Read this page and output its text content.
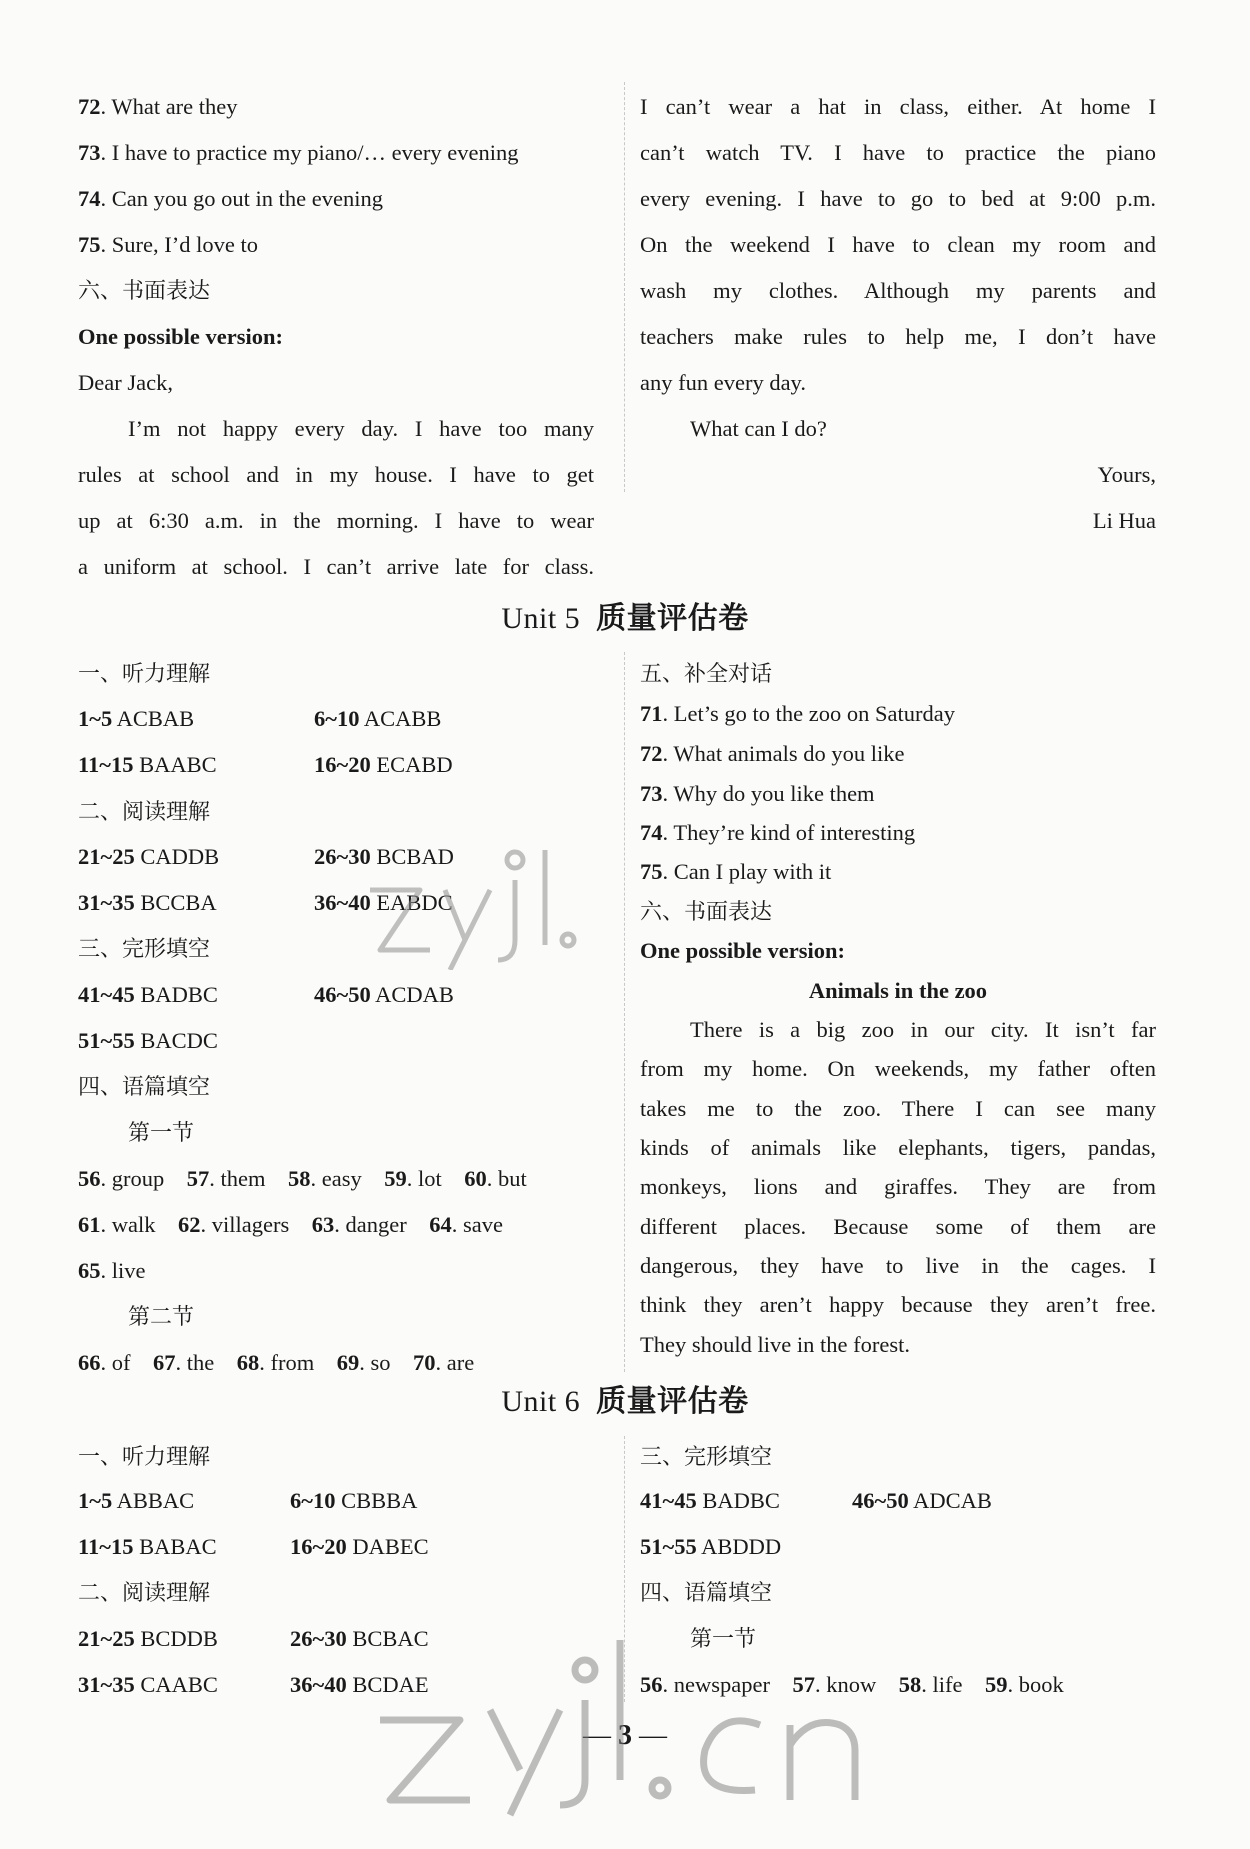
72. What are they
73. I have to practice my piano/… every evening
74. Can you go out in the evening
75. Sure, I’d love to
六、书面表达
One possible version:
Dear Jack,
I’m not happy every day. I have too many
rules at school and in my house. I have to get
up at 6:30 a.m. in the morning. I have to wear
a uniform at school. I can’t arrive late for class.
I can’t wear a hat in class, either. At home I
can’t watch TV. I have to practice the piano
every evening. I have to go to bed at 9:00 p.m.
On the weekend I have to clean my room and
wash my clothes. Although my parents and
teachers make rules to help me, I don’t have
any fun every day.
What can I do?
Yours,
Li Hua
Unit 5 质量评估卷
一、听力理解
1~5 ACBAB	6~10 ACABB
11~15 BAABC	16~20 ECABD
二、阅读理解
21~25 CADDB	26~30 BCBAD
31~35 BCCBA	36~40 EABDC
三、完形填空
41~45 BADBC	46~50 ACDAB
51~55 BACDC
四、语篇填空
第一节
56. group 57. them 58. easy 59. lot 60. but
61. walk 62. villagers 63. danger 64. save
65. live
第二节
66. of 67. the 68. from 69. so 70. are
五、补全对话
71. Let’s go to the zoo on Saturday
72. What animals do you like
73. Why do you like them
74. They’re kind of interesting
75. Can I play with it
六、书面表达
One possible version:
Animals in the zoo
There is a big zoo in our city. It isn’t far
from my home. On weekends, my father often
takes me to the zoo. There I can see many
kinds of animals like elephants, tigers, pandas,
monkeys, lions and giraffes. They are from
different places. Because some of them are
dangerous, they have to live in the cages. I
think they aren’t happy because they aren’t free.
They should live in the forest.
Unit 6 质量评估卷
一、听力理解
1~5 ABBAC	6~10 CBBBA
11~15 BABAC	16~20 DABEC
二、阅读理解
21~25 BCDDB	26~30 BCBAC
31~35 CAABC	36~40 BCDAE
三、完形填空
41~45 BADBC	46~50 ADCAB
51~55 ABDDD
四、语篇填空
第一节
56. newspaper 57. know 58. life 59. book
— 3 —
